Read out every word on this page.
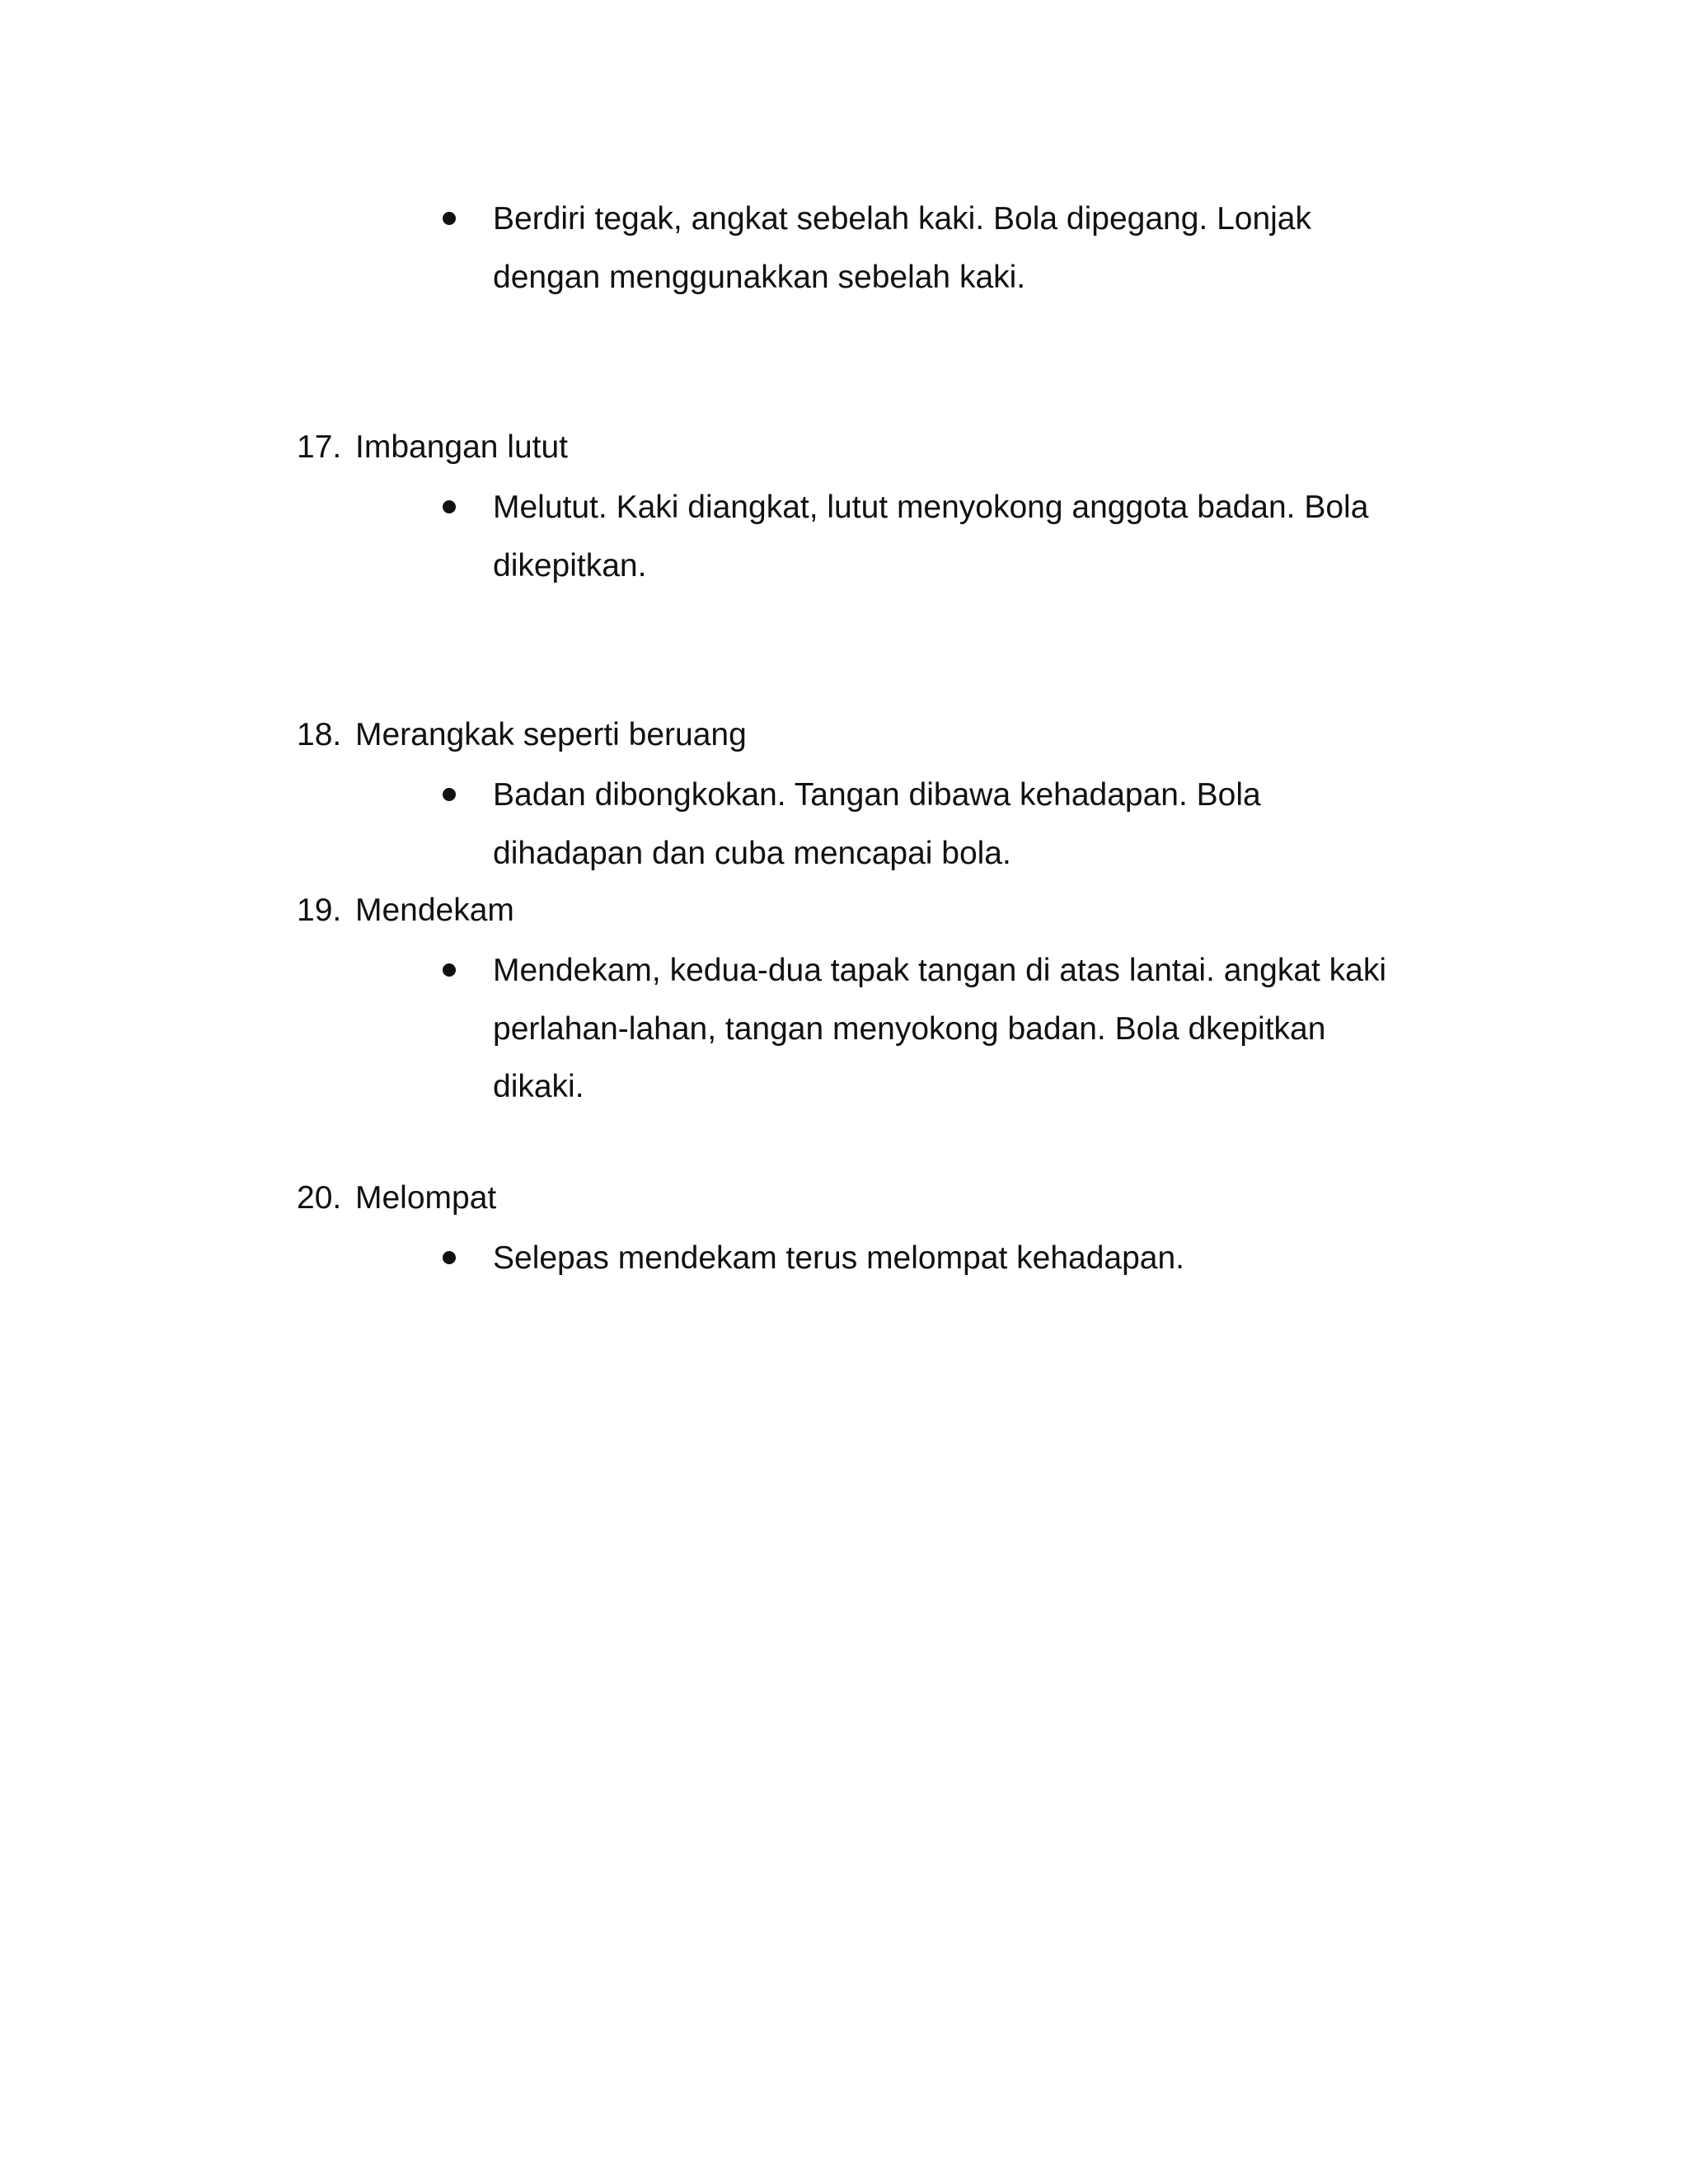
Berdiri tegak, angkat sebelah kaki. Bola dipegang. Lonjak
dengan menggunakkan sebelah kaki.
17. Imbangan lutut
Melutut. Kaki diangkat, lutut menyokong anggota badan. Bola
dikepitkan.
18. Merangkak seperti beruang
Badan dibongkokan. Tangan dibawa kehadapan. Bola
dihadapan dan cuba mencapai bola.
19. Mendekam
Mendekam, kedua-dua tapak tangan di atas lantai. angkat kaki
perlahan-lahan, tangan menyokong badan. Bola dkepitkan
dikaki.
20. Melompat
Selepas mendekam terus melompat kehadapan.
